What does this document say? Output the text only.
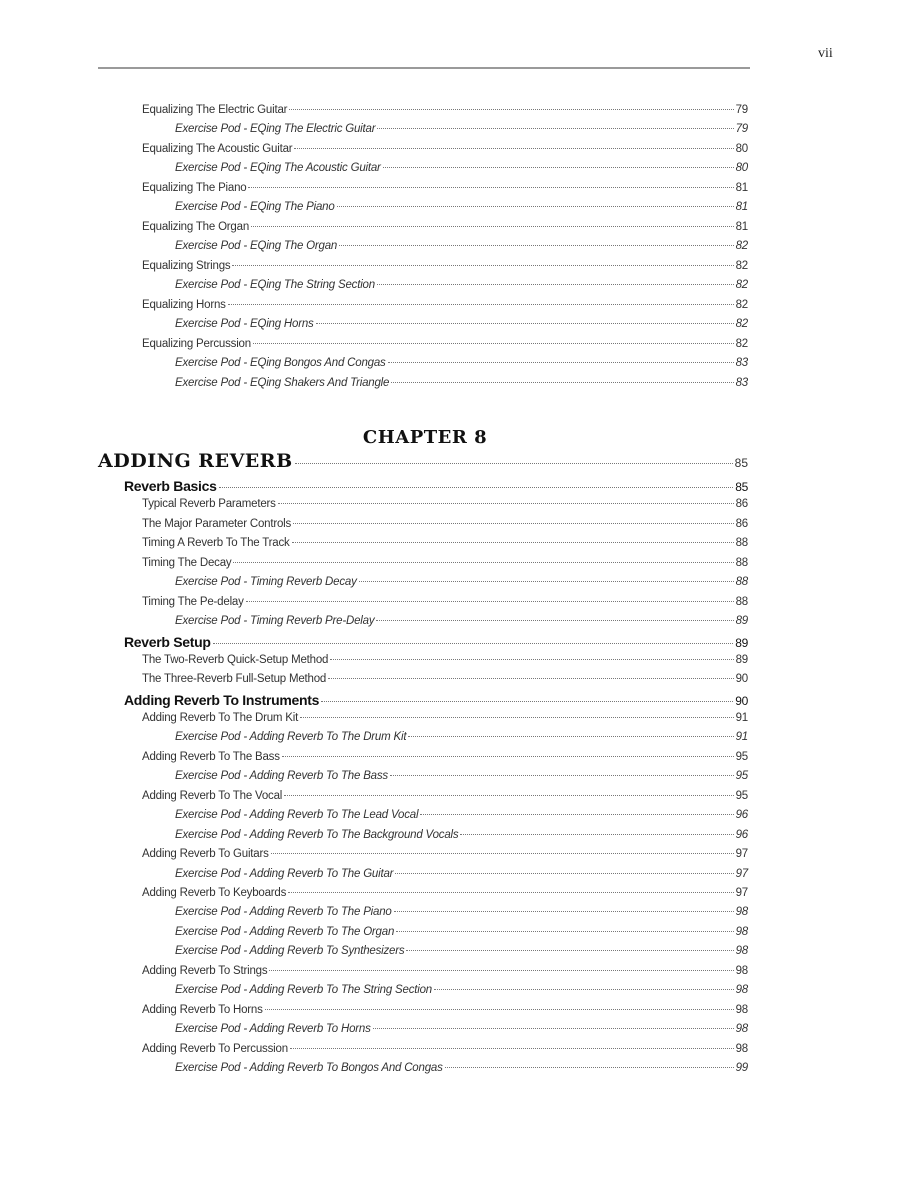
vii
CHAPTER 8
Equalizing The Electric Guitar	79
Exercise Pod - EQing The Electric Guitar	79
Equalizing The Acoustic Guitar	80
Exercise Pod - EQing The Acoustic Guitar	80
Equalizing The Piano	81
Exercise Pod - EQing The Piano	81
Equalizing The Organ	81
Exercise Pod - EQing The Organ	82
Equalizing Strings	82
Exercise Pod - EQing The String Section	82
Equalizing Horns	82
Exercise Pod - EQing Horns	82
Equalizing Percussion	82
Exercise Pod - EQing Bongos And Congas	83
Exercise Pod - EQing Shakers And Triangle	83
ADDING REVERB	85
Reverb Basics	85
Typical Reverb Parameters	86
The Major Parameter Controls	86
Timing A Reverb To The Track	88
Timing The Decay	88
Exercise Pod - Timing Reverb Decay	88
Timing The Pe-delay	88
Exercise Pod - Timing Reverb Pre-Delay	89
Reverb Setup	89
The Two-Reverb Quick-Setup Method	89
The Three-Reverb Full-Setup Method	90
Adding Reverb To Instruments	90
Adding Reverb To The Drum Kit	91
Exercise Pod - Adding Reverb To The Drum Kit	91
Adding Reverb To The Bass	95
Exercise Pod - Adding Reverb To The Bass	95
Adding Reverb To The Vocal	95
Exercise Pod - Adding Reverb To The Lead Vocal	96
Exercise Pod - Adding Reverb To The Background Vocals	96
Adding Reverb To Guitars	97
Exercise Pod - Adding Reverb To The Guitar	97
Adding Reverb To Keyboards	97
Exercise Pod - Adding Reverb To The Piano	98
Exercise Pod - Adding Reverb To The Organ	98
Exercise Pod - Adding Reverb To Synthesizers	98
Adding Reverb To Strings	98
Exercise Pod - Adding Reverb To The String Section	98
Adding Reverb To Horns	98
Exercise Pod - Adding Reverb To Horns	98
Adding Reverb To Percussion	98
Exercise Pod - Adding Reverb To Bongos And Congas	99
